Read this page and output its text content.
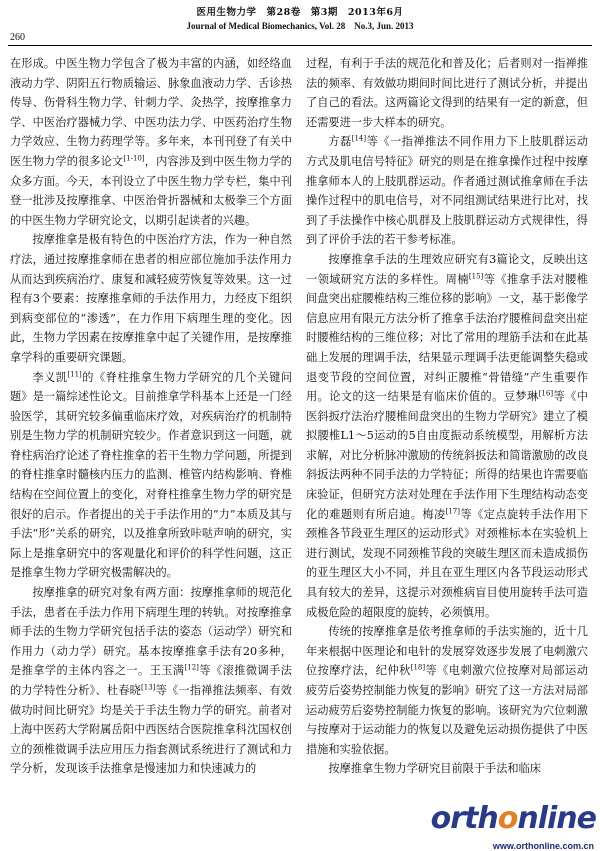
260
医用生物力学　第28卷　第3期　2013年6月
Journal of Medical Biomechanics, Vol. 28　No.3, Jun. 2013

在形成。中医生物力学包含了极为丰富的内涵，如经络血液动力学、阴阳五行物质输运、脉象血液动力学、舌诊热传导、伤骨科生物力学、针刺力学、灸热学，按摩推拿力学、中医治疗器械力学、中医功法力学、中医药治疗生物力学效应、生物力药理学等。多年来，本刊刊登了有关中医生物力学的很多论文[1-10]，内容涉及到中医生物力学的众多方面。今天，本刊设立了中医生物力学专栏，集中刊登一批涉及按摩推拿、中医治骨折器械和太极拳三个方面的中医生物力学研究论文，以期引起读者的兴趣。

按摩推拿是极有特色的中医治疗方法，作为一种自然疗法，通过按摩推拿师在患者的相应部位施加手法作用力从而达到疾病治疗、康复和减轻疲劳恢复等效果。这一过程有3个要素：按摩推拿师的手法作用力，力经皮下组织到病变部位的“渗透”，在力作用下病理生理的变化。因此，生物力学因素在按摩推拿中起了关键作用，是按摩推拿学科的重要研究课题。

李义凯[11]的《脊柱推拿生物力学研究的几个关键问题》是一篇综述性论文。目前推拿学科基本上还是一门经验医学，其研究较多偏重临床疗效，对疾病治疗的机制特别是生物力学的机制研究较少。作者意识到这一问题，就脊柱病治疗论述了脊柱推拿的若干生物力学问题，所提到的脊柱推拿时髓核内压力的监测、椎管内结构影响、脊椎结构在空间位置上的变化，对脊柱推拿生物力学的研究是很好的启示。作者提出的关于手法作用的“力”本质及其与手法“形”关系的研究，以及推拿所致咔哒声响的研究，实际上是推拿研究中的客观量化和评价的科学性问题，这正是推拿生物力学研究极需解决的。

按摩推拿的研究对象有两方面：按摩推拿师的规范化手法，患者在手法力作用下病理生理的转轨。对按摩推拿师手法的生物力学研究包括手法的姿态（运动学）研究和作用力（动力学）研究。基本按摩推拿手法有20多种，是推拿学的主体内容之一。王玉满[12]等《滚推微调手法的力学特性分析》、杜春晓[13]等《一指禅推法频率、有效做功时间比研究》均是关于手法生物力学的研究。前者对上海中医药大学附属岳阳中西医结合医院推拿科沈国权创立的颈椎微调手法应用压力指套测试系统进行了测试和力学分析，发现该手法推拿是慢速加力和快速减力的

过程，有利于手法的规范化和普及化；后者则对一指禅推法的频率、有效做功期间时间比进行了测试分析，并提出了自己的看法。这两篇论文得到的结果有一定的新意，但还需要进一步大样本的研究。

方磊[14]等《一指禅推法不同作用力下上肢肌群运动方式及肌电信号特征》研究的则是在推拿操作过程中按摩推拿师本人的上肢肌群运动。作者通过测试推拿师在手法操作过程中的肌电信号，对不同组测试结果进行比对，找到了手法操作中核心肌群及上肢肌群运动方式规律性，得到了评价手法的若干参考标准。

按摩推拿手法的生理效应研究有3篇论文，反映出这一领域研究方法的多样性。周楠[15]等《推拿手法对腰椎间盘突出症腰椎结构三维位移的影响》一文，基于影像学信息应用有限元方法分析了推拿手法治疗腰椎间盘突出症时腰椎结构的三维位移；对比了常用的理筋手法和在此基础上发展的理调手法，结果显示理调手法更能调整失稳或退变节段的空间位置，对纠正腰椎“骨错缝”产生重要作用。论文的这一结果是有临床价值的。豆梦琳[16]等《中医斜扳疗法治疗腰椎间盘突出的生物力学研究》建立了模拟腰椎L1～5运动的5自由度振动系统模型，用解析方法求解，对比分析脉冲激励的传统斜扳法和简谐激励的改良斜扳法两种不同手法的力学特征；所得的结果也许需要临床验证，但研究方法对处理在手法作用下生理结构动态变化的难题则有所启迪。梅凌[17]等《定点旋转手法作用下颈椎各节段亚生理区的运动形式》对颈椎标本在实验机上进行测试，发现不同颈椎节段的突破生理区而未造成损伤的亚生理区大小不同，并且在亚生理区内各节段运动形式具有较大的差异，这提示对颈椎病盲目使用旋转手法可造成极危险的超限度的旋转，必须慎用。

传统的按摩推拿是依考推拿师的手法实施的，近十几年来根据中医理论和电针的发展穿效逐步发展了电刺激穴位按摩疗法，纪仲秋[18]等《电刺激穴位按摩对局部运动疲劳后姿势控制能力恢复的影响》研究了这一方法对局部运动疲劳后姿势控制能力恢复的影响。该研究为穴位刺激与按摩对于运动能力的恢复以及避免运动损伤提供了中医措施和实验依据。

按摩推拿生物力学研究目前限于手法和临床

orthonline
www.orthonline.com.cn
